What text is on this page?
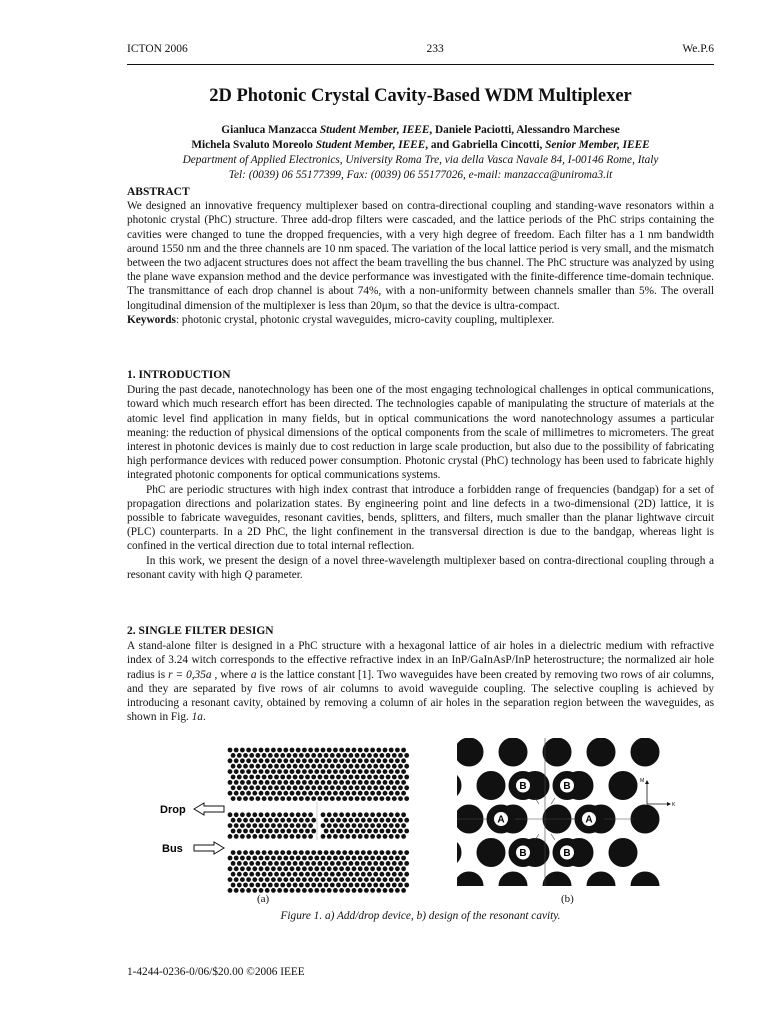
ICTON 2006	233	We.P.6
2D Photonic Crystal Cavity-Based WDM Multiplexer
Gianluca Manzacca Student Member, IEEE, Daniele Paciotti, Alessandro Marchese
Michela Svaluto Moreolo Student Member, IEEE, and Gabriella Cincotti, Senior Member, IEEE
Department of Applied Electronics, University Roma Tre, via della Vasca Navale 84, I-00146 Rome, Italy
Tel: (0039) 06 55177399, Fax: (0039) 06 55177026, e-mail: manzacca@uniroma3.it

ABSTRACT

We designed an innovative frequency multiplexer based on contra-directional coupling and standing-wave resonators within a photonic crystal (PhC) structure. Three add-drop filters were cascaded, and the lattice periods of the PhC strips containing the cavities were changed to tune the dropped frequencies, with a very high degree of freedom. Each filter has a 1 nm bandwidth around 1550 nm and the three channels are 10 nm spaced. The variation of the local lattice period is very small, and the mismatch between the two adjacent structures does not affect the beam travelling the bus channel. The PhC structure was analyzed by using the plane wave expansion method and the device performance was investigated with the finite-difference time-domain technique. The transmittance of each drop channel is about 74%, with a non-uniformity between channels smaller than 5%. The overall longitudinal dimension of the multiplexer is less than 20μm, so that the device is ultra-compact.

Keywords: photonic crystal, photonic crystal waveguides, micro-cavity coupling, multiplexer.

1. INTRODUCTION

During the past decade, nanotechnology has been one of the most engaging technological challenges in optical communications, toward which much research effort has been directed. The technologies capable of manipulating the structure of materials at the atomic level find application in many fields, but in optical communications the word nanotechnology assumes a particular meaning: the reduction of physical dimensions of the optical components from the scale of millimetres to micrometers. The great interest in photonic devices is mainly due to cost reduction in large scale production, but also due to the possibility of fabricating high performance devices with reduced power consumption. Photonic crystal (PhC) technology has been used to fabricate highly integrated photonic components for optical communications systems.

PhC are periodic structures with high index contrast that introduce a forbidden range of frequencies (bandgap) for a set of propagation directions and polarization states. By engineering point and line defects in a two-dimensional (2D) lattice, it is possible to fabricate waveguides, resonant cavities, bends, splitters, and filters, much smaller than the planar lightwave circuit (PLC) counterparts. In a 2D PhC, the light confinement in the transversal direction is due to the bandgap, whereas light is confined in the vertical direction due to total internal reflection.

In this work, we present the design of a novel three-wavelength multiplexer based on contra-directional coupling through a resonant cavity with high Q parameter.

2. SINGLE FILTER DESIGN

A stand-alone filter is designed in a PhC structure with a hexagonal lattice of air holes in a dielectric medium with refractive index of 3.24 witch corresponds to the effective refractive index in an InP/GaInAsP/InP heterostructure; the normalized air hole radius is r = 0,35a , where a is the lattice constant [1]. Two waveguides have been created by removing two rows of air columns, and they are separated by five rows of air columns to avoid waveguide coupling. The selective coupling is achieved by introducing a resonant cavity, obtained by removing a column of air holes in the separation region between the waveguides, as shown in Fig. 1a.

Drop
Bus
A	A
B	B
B	B
M
K
(a)	(b)
Figure 1. a) Add/drop device, b) design of the resonant cavity.
1-4244-0236-0/06/$20.00 ©2006 IEEE
